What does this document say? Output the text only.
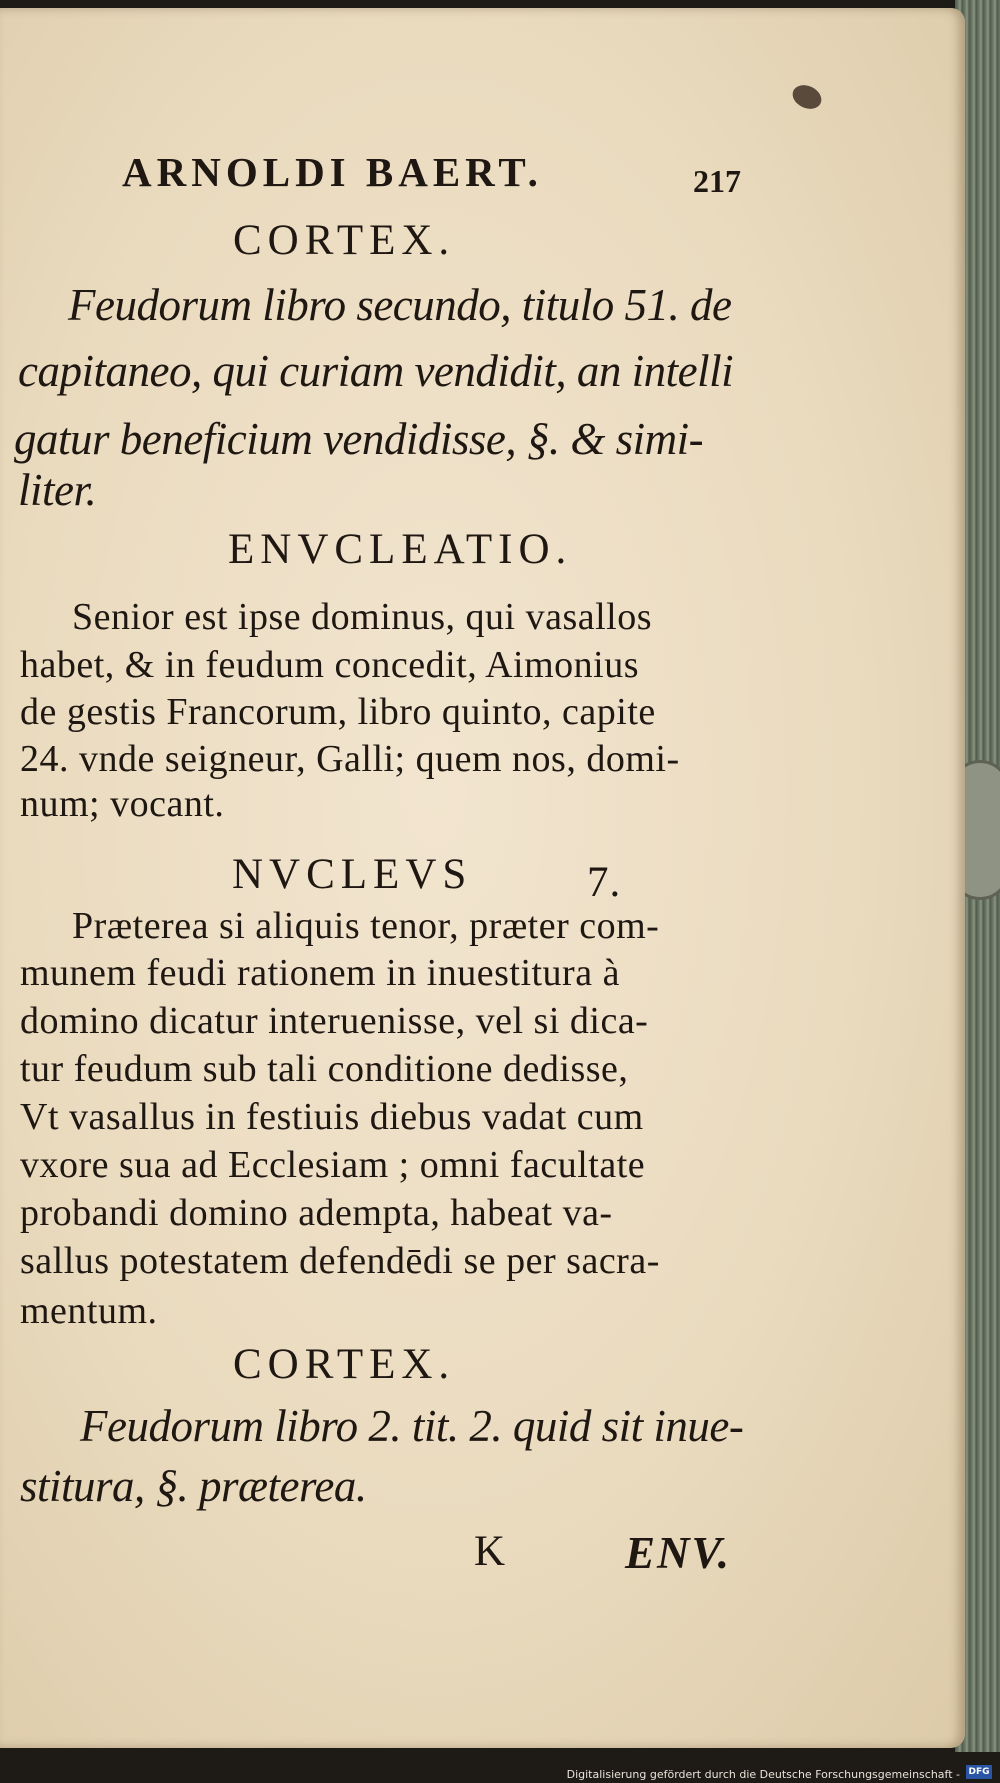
ARNOLDI BAERT.	217
CORTEX.
Feudorum libro secundo, titulo 51. de
capitaneo, qui curiam vendidit, an intelli
gatur beneficium vendidisse, §. & simi-
liter.
ENVCLEATIO.
Senior est ipse dominus, qui vasallos
habet, & in feudum concedit, Aimonius
de gestis Francorum, libro quinto, capite
24. vnde seigneur, Galli; quem nos, domi-
num; vocant.
NVCLEVS	7.
Præterea si aliquis tenor, præter com-
munem feudi rationem in inuestitura à
domino dicatur interuenisse, vel si dica-
tur feudum sub tali conditione dedisse,
Vt vasallus in festiuis diebus vadat cum
vxore sua ad Ecclesiam ; omni facultate
probandi domino adempta, habeat va-
sallus potestatem defendēdi se per sacra-
mentum.
CORTEX.
Feudorum libro 2. tit. 2. quid sit inue-
stitura, §. præterea.
K	ENV.
Digitalisierung gefördert durch die Deutsche Forschungsgemeinschaft - DFG
